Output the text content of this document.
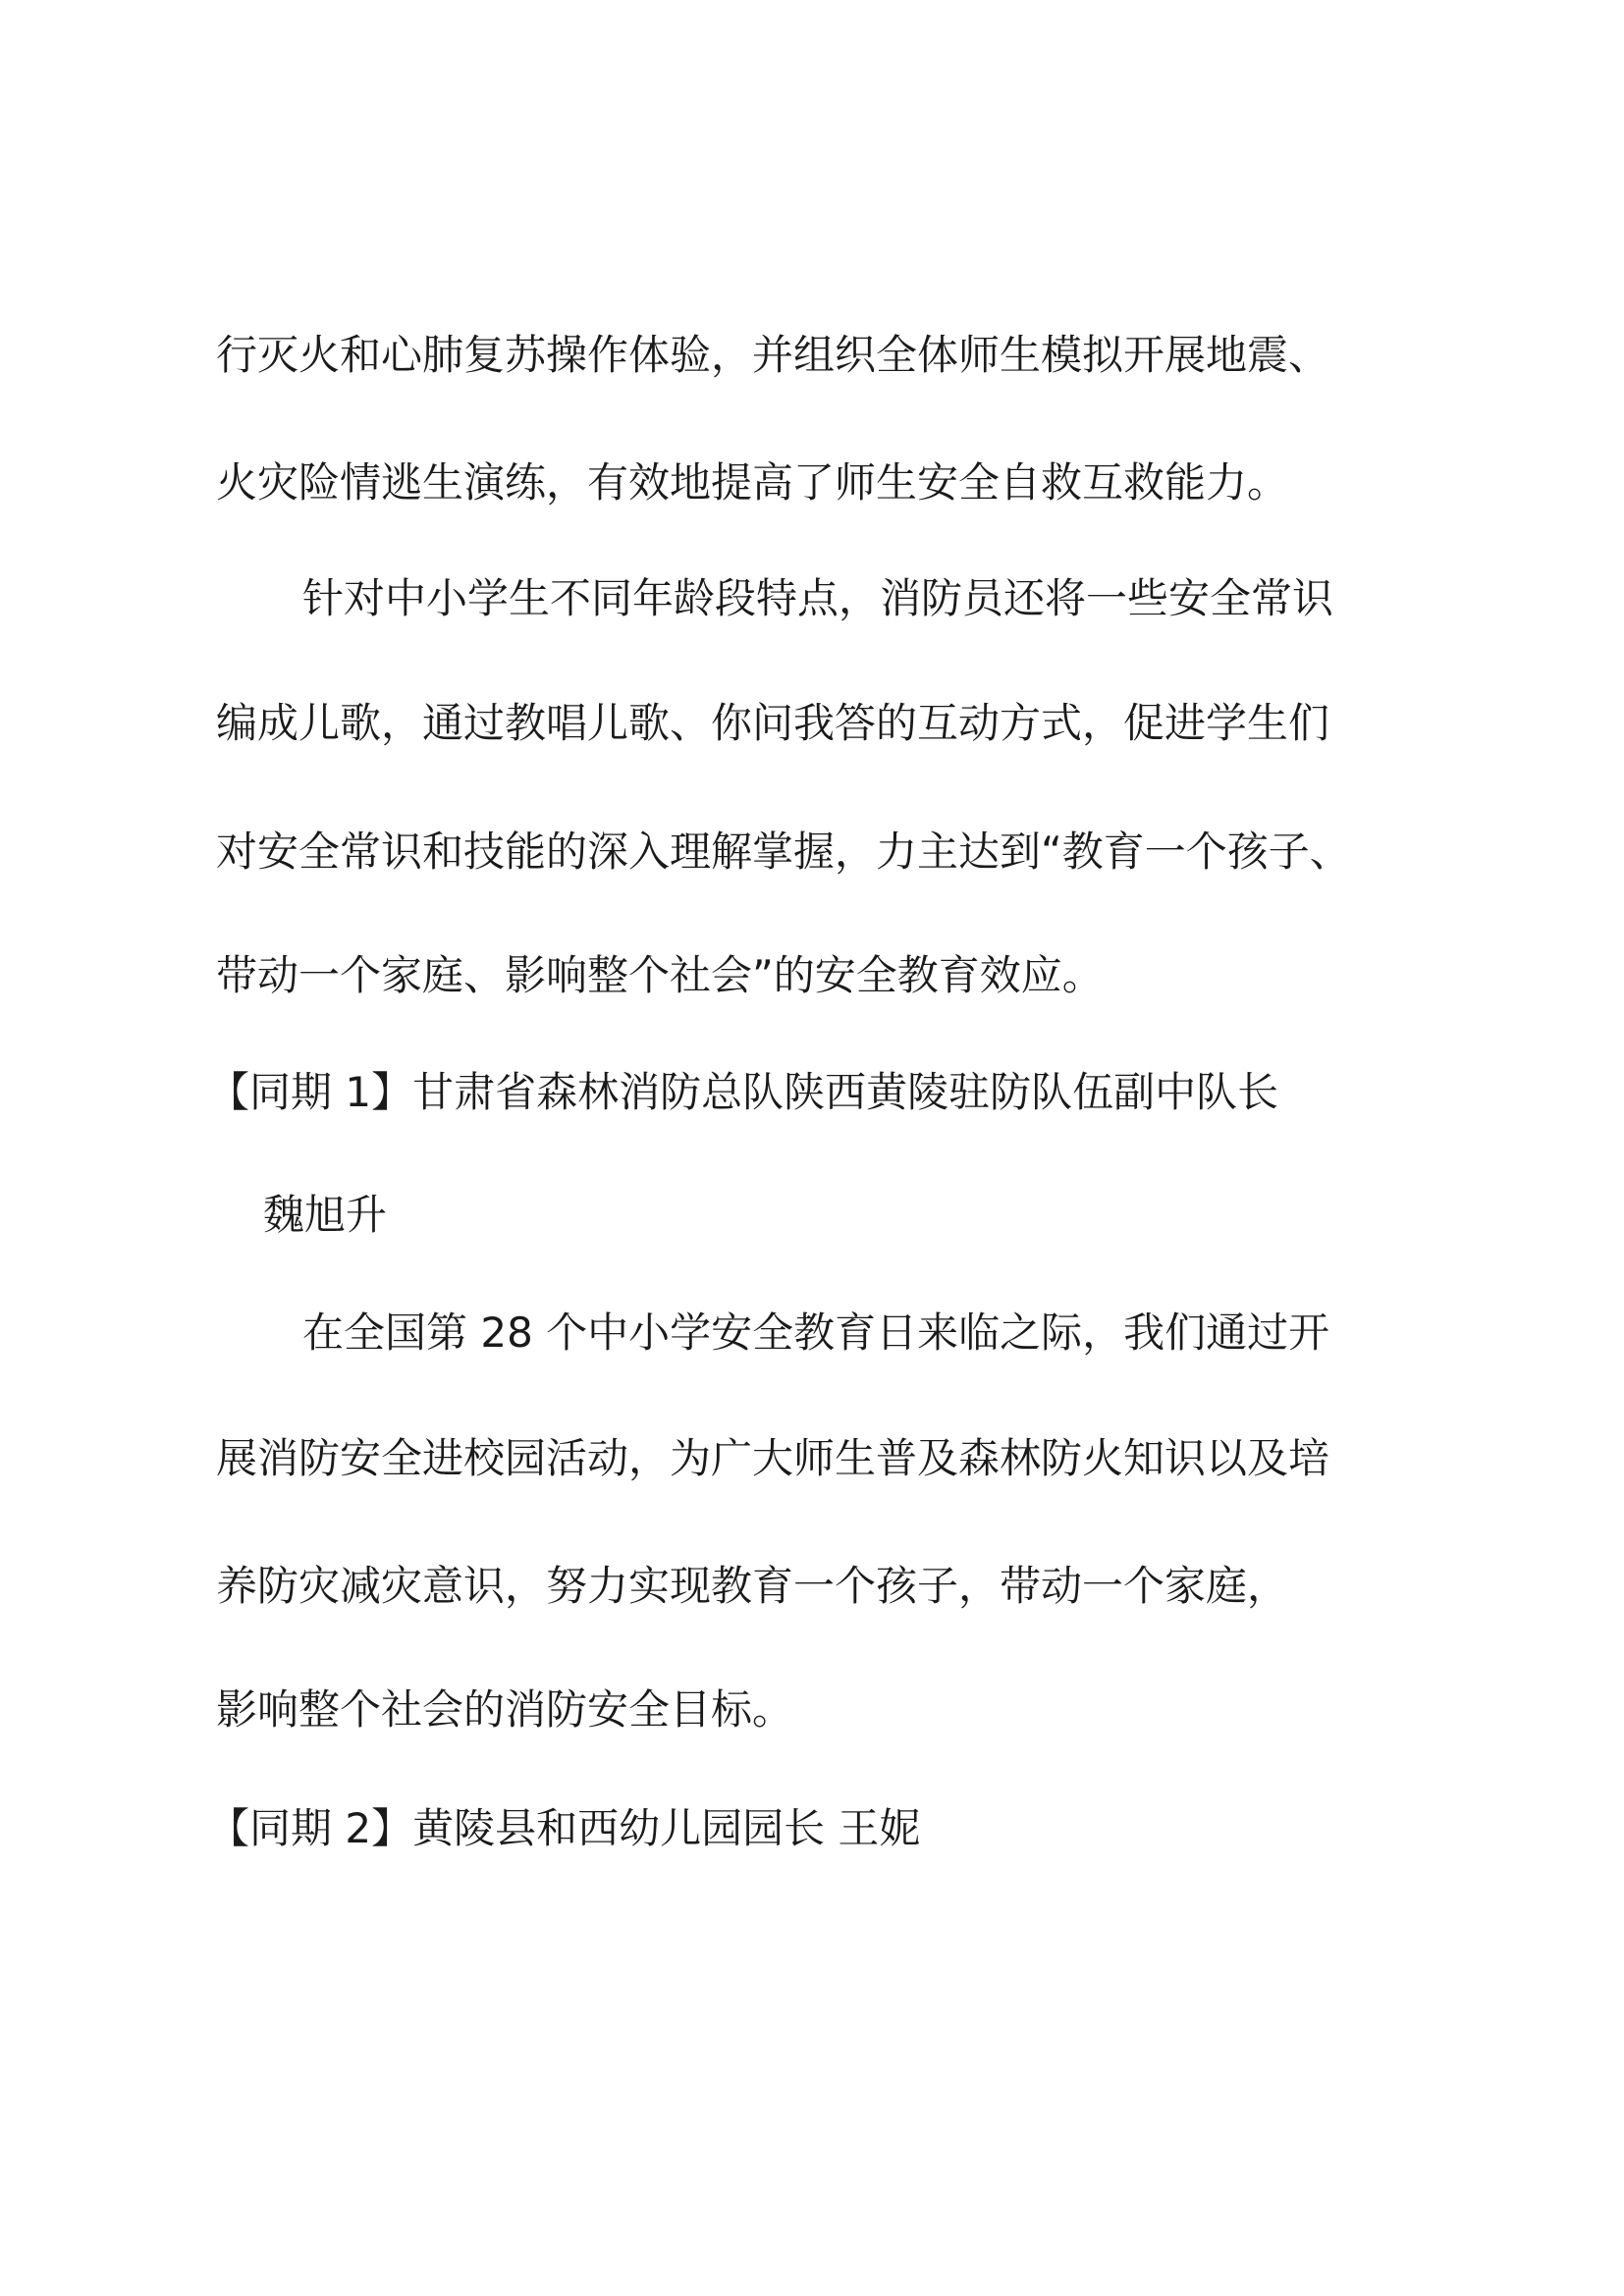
行灭火和心肺复苏操作体验，并组织全体师生模拟开展地震、
火灾险情逃生演练，有效地提高了师生安全自救互救能力。
针对中小学生不同年龄段特点，消防员还将一些安全常识
编成儿歌，通过教唱儿歌、你问我答的互动方式，促进学生们
对安全常识和技能的深入理解掌握，力主达到“教育一个孩子、
带动一个家庭、影响整个社会”的安全教育效应。
【同期 1】甘肃省森林消防总队陕西黄陵驻防队伍副中队长
魏旭升
在全国第 28 个中小学安全教育日来临之际，我们通过开
展消防安全进校园活动，为广大师生普及森林防火知识以及培
养防灾减灾意识，努力实现教育一个孩子，带动一个家庭，
影响整个社会的消防安全目标。
【同期 2】黄陵县和西幼儿园园长 王妮
